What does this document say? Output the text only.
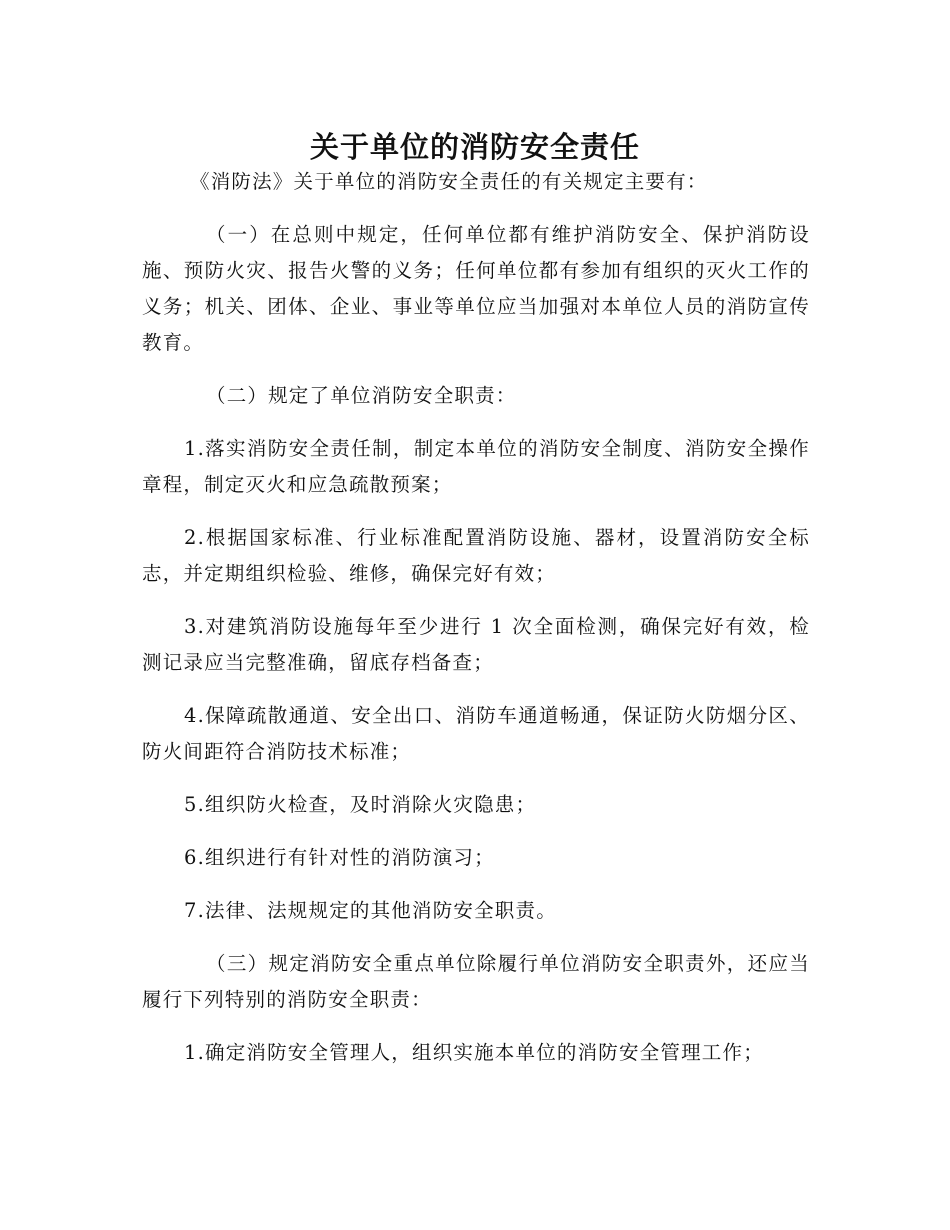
关于单位的消防安全责任

《消防法》关于单位的消防安全责任的有关规定主要有：

（一）在总则中规定，任何单位都有维护消防安全、保护消防设施、预防火灾、报告火警的义务；任何单位都有参加有组织的灭火工作的义务；机关、团体、企业、事业等单位应当加强对本单位人员的消防宣传教育。

（二）规定了单位消防安全职责：

1.落实消防安全责任制，制定本单位的消防安全制度、消防安全操作章程，制定灭火和应急疏散预案；

2.根据国家标准、行业标准配置消防设施、器材，设置消防安全标志，并定期组织检验、维修，确保完好有效；

3.对建筑消防设施每年至少进行 1 次全面检测，确保完好有效，检测记录应当完整准确，留底存档备查；

4.保障疏散通道、安全出口、消防车通道畅通，保证防火防烟分区、防火间距符合消防技术标准；

5.组织防火检查，及时消除火灾隐患；

6.组织进行有针对性的消防演习；

7.法律、法规规定的其他消防安全职责。

（三）规定消防安全重点单位除履行单位消防安全职责外，还应当履行下列特别的消防安全职责：

1.确定消防安全管理人，组织实施本单位的消防安全管理工作；
